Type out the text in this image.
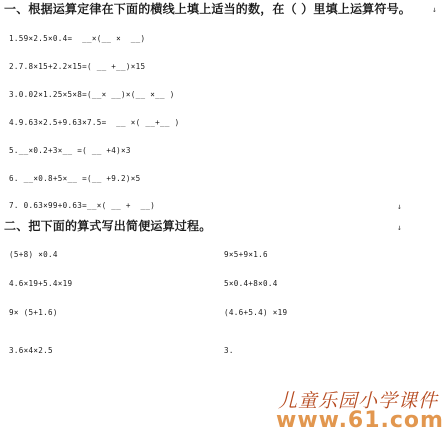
一、根据运算定律在下面的横线上填上适当的数，在（ ）里填上运算符号。	↓
1.59×2.5×0.4=  __×(__ ×  __)
2.7.8×15+2.2×15=( __ +__)×15
3.0.02×1.25×5×8=(__× __)×(__ ×__ )
4.9.63×2.5+9.63×7.5=  __ ×( __+__ )
5.__×0.2+3×__ =( __ +4)×3
6. __×0.8+5×__ =(__ +9.2)×5
7. 0.63×99+0.63=__×( __ +  __)	↓
二、把下面的算式写出简便运算过程。	↓
(5+8) ×0.4	9×5+9×1.6
4.6×19+5.4×19	5×0.4+8×0.4
9× (5+1.6)	(4.6+5.4) ×19
3.6×4×2.5	3.
儿童乐园小学课件
www.61.com
